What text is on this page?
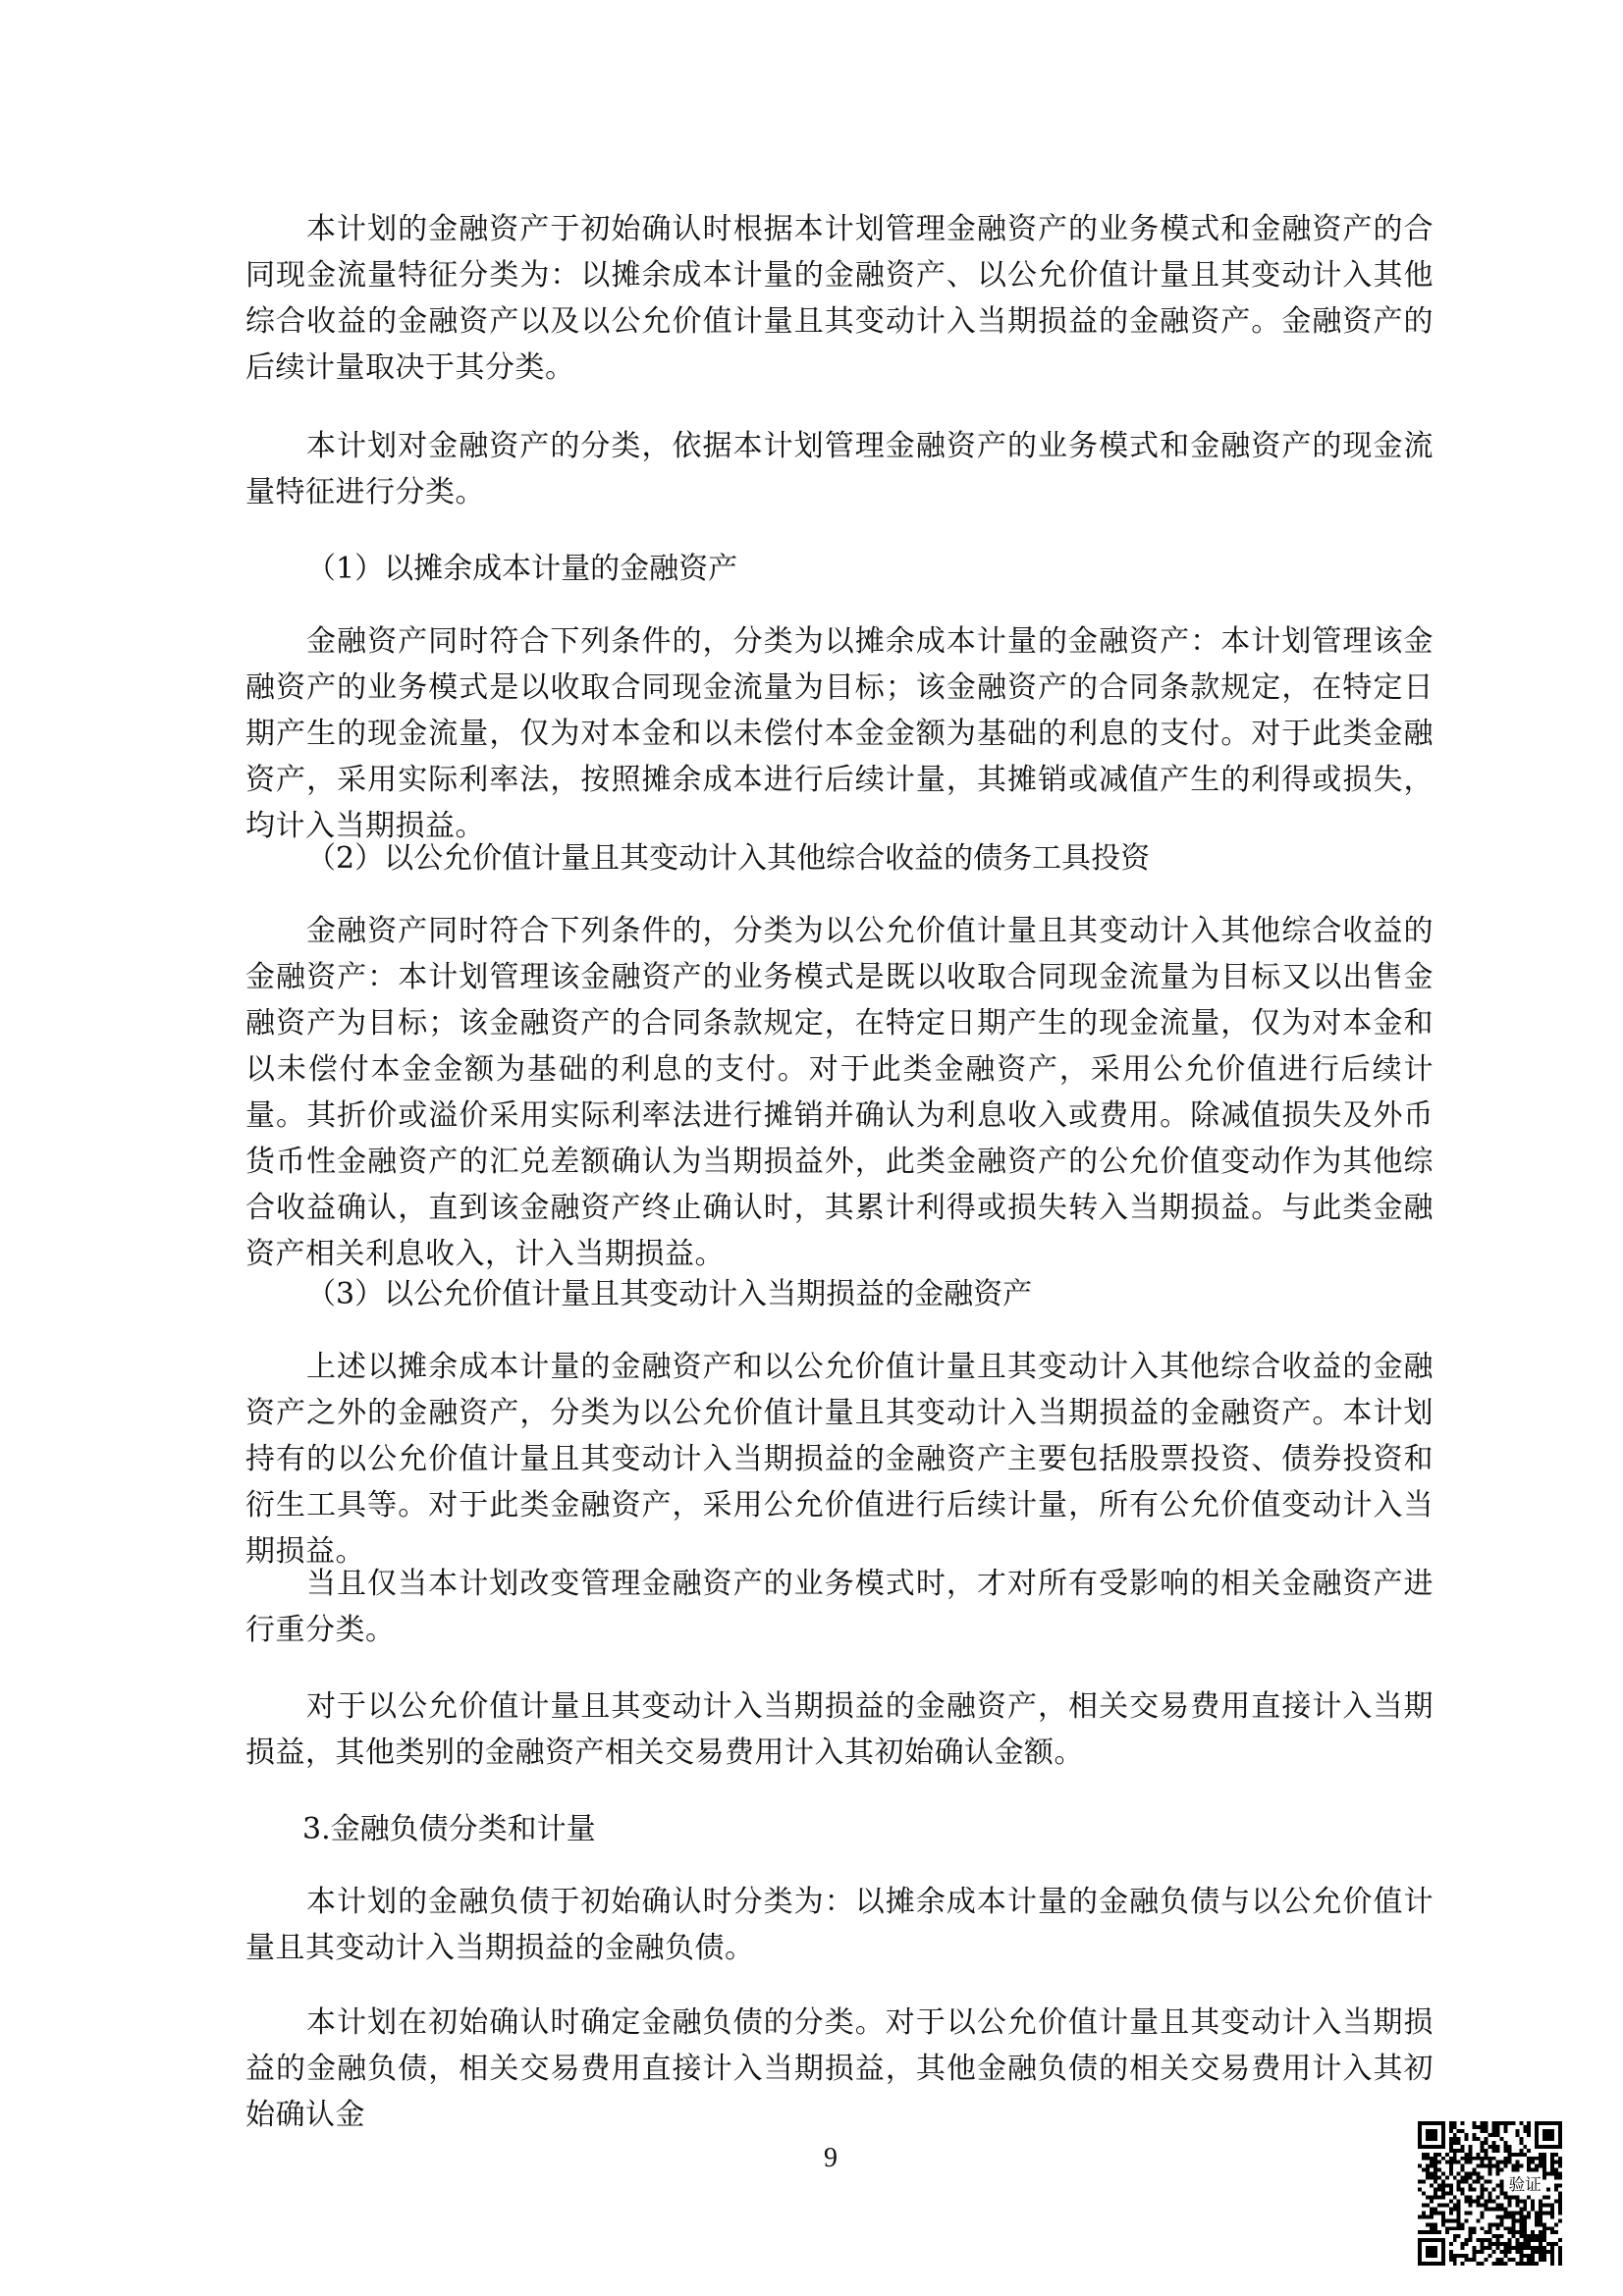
本计划的金融资产于初始确认时根据本计划管理金融资产的业务模式和金融资产的合同现金流量特征分类为：以摊余成本计量的金融资产、以公允价值计量且其变动计入其他综合收益的金融资产以及以公允价值计量且其变动计入当期损益的金融资产。金融资产的后续计量取决于其分类。

本计划对金融资产的分类，依据本计划管理金融资产的业务模式和金融资产的现金流量特征进行分类。

（1）以摊余成本计量的金融资产

金融资产同时符合下列条件的，分类为以摊余成本计量的金融资产：本计划管理该金融资产的业务模式是以收取合同现金流量为目标；该金融资产的合同条款规定，在特定日期产生的现金流量，仅为对本金和以未偿付本金金额为基础的利息的支付。对于此类金融资产，采用实际利率法，按照摊余成本进行后续计量，其摊销或减值产生的利得或损失，均计入当期损益。

（2）以公允价值计量且其变动计入其他综合收益的债务工具投资

金融资产同时符合下列条件的，分类为以公允价值计量且其变动计入其他综合收益的金融资产：本计划管理该金融资产的业务模式是既以收取合同现金流量为目标又以出售金融资产为目标；该金融资产的合同条款规定，在特定日期产生的现金流量，仅为对本金和以未偿付本金金额为基础的利息的支付。对于此类金融资产，采用公允价值进行后续计量。其折价或溢价采用实际利率法进行摊销并确认为利息收入或费用。除减值损失及外币货币性金融资产的汇兑差额确认为当期损益外，此类金融资产的公允价值变动作为其他综合收益确认，直到该金融资产终止确认时，其累计利得或损失转入当期损益。与此类金融资产相关利息收入，计入当期损益。

（3）以公允价值计量且其变动计入当期损益的金融资产

上述以摊余成本计量的金融资产和以公允价值计量且其变动计入其他综合收益的金融资产之外的金融资产，分类为以公允价值计量且其变动计入当期损益的金融资产。本计划持有的以公允价值计量且其变动计入当期损益的金融资产主要包括股票投资、债券投资和衍生工具等。对于此类金融资产，采用公允价值进行后续计量，所有公允价值变动计入当期损益。

当且仅当本计划改变管理金融资产的业务模式时，才对所有受影响的相关金融资产进行重分类。

对于以公允价值计量且其变动计入当期损益的金融资产，相关交易费用直接计入当期损益，其他类别的金融资产相关交易费用计入其初始确认金额。

3.金融负债分类和计量

本计划的金融负债于初始确认时分类为：以摊余成本计量的金融负债与以公允价值计量且其变动计入当期损益的金融负债。

本计划在初始确认时确定金融负债的分类。对于以公允价值计量且其变动计入当期损益的金融负债，相关交易费用直接计入当期损益，其他金融负债的相关交易费用计入其初始确认金

9
验证
